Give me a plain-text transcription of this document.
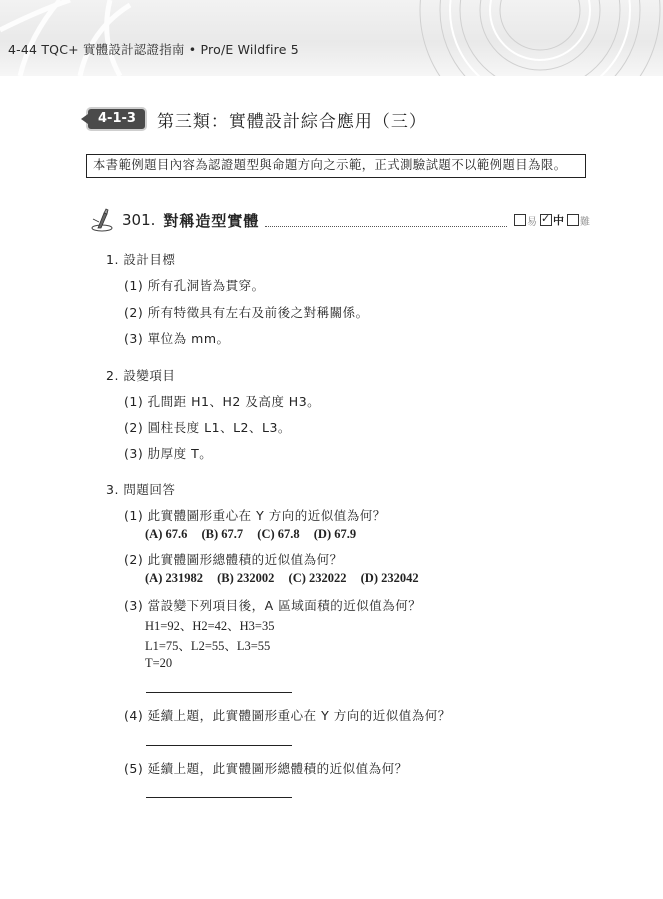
4-44 TQC+ 實體設計認證指南 • Pro/E Wildfire 5
4-1-3	第三類：實體設計綜合應用（三）
本書範例題目內容為認證題型與命題方向之示範，正式測驗試題不以範例題目為限。
301. 對稱造型實體	易
✓ 中 難
1. 設計目標
(1) 所有孔洞皆為貫穿。
(2) 所有特徵具有左右及前後之對稱關係。
(3) 單位為 mm。
2. 設變項目
(1) 孔間距 H1、H2 及高度 H3。
(2) 圓柱長度 L1、L2、L3。
(3) 肋厚度 T。
3. 問題回答
(1) 此實體圖形重心在 Y 方向的近似值為何？
(A) 67.6 (B) 67.7 (C) 67.8 (D) 67.9
(2) 此實體圖形總體積的近似值為何？
(A) 231982 (B) 232002 (C) 232022 (D) 232042
(3) 當設變下列項目後，A 區域面積的近似值為何？
H1=92、H2=42、H3=35
L1=75、L2=55、L3=55
T=20
(4) 延續上題，此實體圖形重心在 Y 方向的近似值為何？
(5) 延續上題，此實體圖形總體積的近似值為何？
